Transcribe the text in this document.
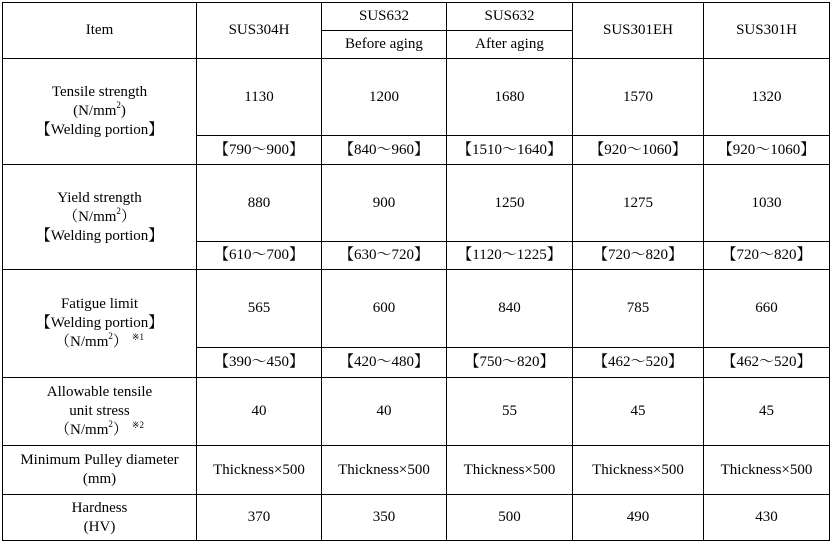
Item	SUS304H	SUS632	SUS632	SUS301EH	SUS301H
		Before aging	After aging		

Tensile strength
$(N/mm^2)$
【Welding portion】	1130	1200	1680	1570	1320
	【790～900】	【840～960】	【1510～1640】	【920～1060】	【920～1060】

Yield strength
$(N/mm^2)$
【Welding portion】	880	900	1250	1275	1030
	【610～700】	【630～720】	【1120～1225】	【720～820】	【720～820】

Fatigue limit
【Welding portion】
$(N/mm^2)$ $^{※1}$	565	600	840	785	660
	【390～450】	【420～480】	【750～820】	【462～520】	【462～520】

Allowable tensile
unit stress
$(N/mm^2)$ $^{※2}$	40	40	55	45	45

Minimum Pulley diameter
(mm)	Thickness×500	Thickness×500	Thickness×500	Thickness×500	Thickness×500

Hardness
(HV)	370	350	500	490	430
